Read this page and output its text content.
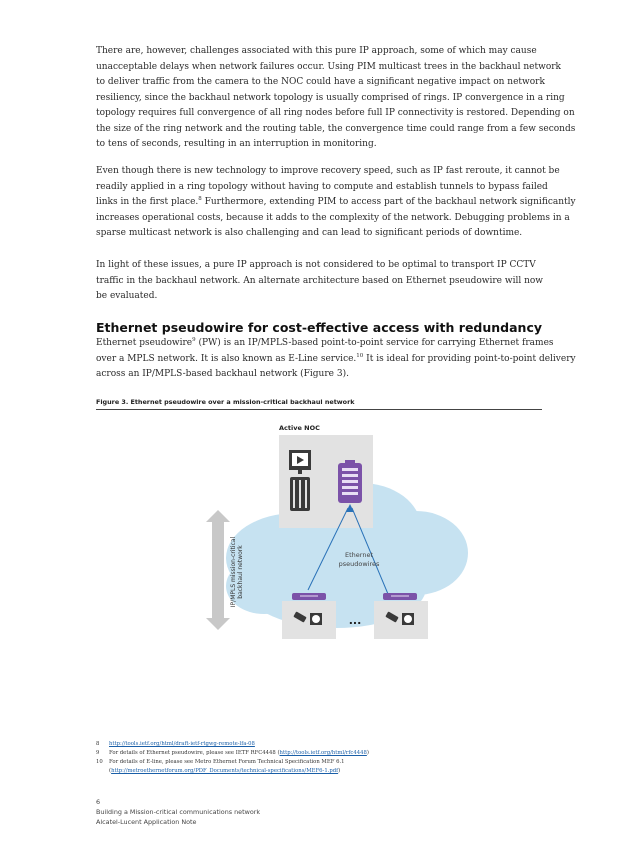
There are, however, challenges associated with this pure IP approach, some of which may cause
unacceptable delays when network failures occur. Using PIM multicast trees in the backhaul network
to deliver traffic from the camera to the NOC could have a significant negative impact on network
resiliency, since the backhaul network topology is usually comprised of rings. IP convergence in a ring
topology requires full convergence of all ring nodes before full IP connectivity is restored. Depending on
the size of the ring network and the routing table, the convergence time could range from a few seconds
to tens of seconds, resulting in an interruption in monitoring.

Even though there is new technology to improve recovery speed, such as IP fast reroute, it cannot be
readily applied in a ring topology without having to compute and establish tunnels to bypass failed
links in the first place.$^8$ Furthermore, extending PIM to access part of the backhaul network significantly
increases operational costs, because it adds to the complexity of the network. Debugging problems in a
sparse multicast network is also challenging and can lead to significant periods of downtime.

In light of these issues, a pure IP approach is not considered to be optimal to transport IP CCTV
traffic in the backhaul network. An alternate architecture based on Ethernet pseudowire will now
be evaluated.

Ethernet pseudowire for cost-effective access with redundancy

Ethernet pseudowire$^9$ (PW) is an IP/MPLS-based point-to-point service for carrying Ethernet frames
over a MPLS network. It is also known as E-Line service.$^{10}$ It is ideal for providing point-to-point delivery
across an IP/MPLS-based backhaul network (Figure 3).

Figure 3. Ethernet pseudowire over a mission-critical backhaul network
IP/MPLS mission-critical backhaul network
Active NOC
Ethernet
pseudowires
...
8 http://tools.ietf.org/html/draft-ietf-rtgwg-remote-lfa-08
9 For details of Ethernet pseudowire, please see IETF RFC4448 (http://tools.ietf.org/html/rfc4448)
10 For details of E-line, please see Metro Ethernet Forum Technical Specification MEF 6.1
(http://metroethernetforum.org/PDF_Documents/technical-specifications/MEF6-1.pdf)
6
Building a Mission-critical communications network
Alcatel-Lucent Application Note
